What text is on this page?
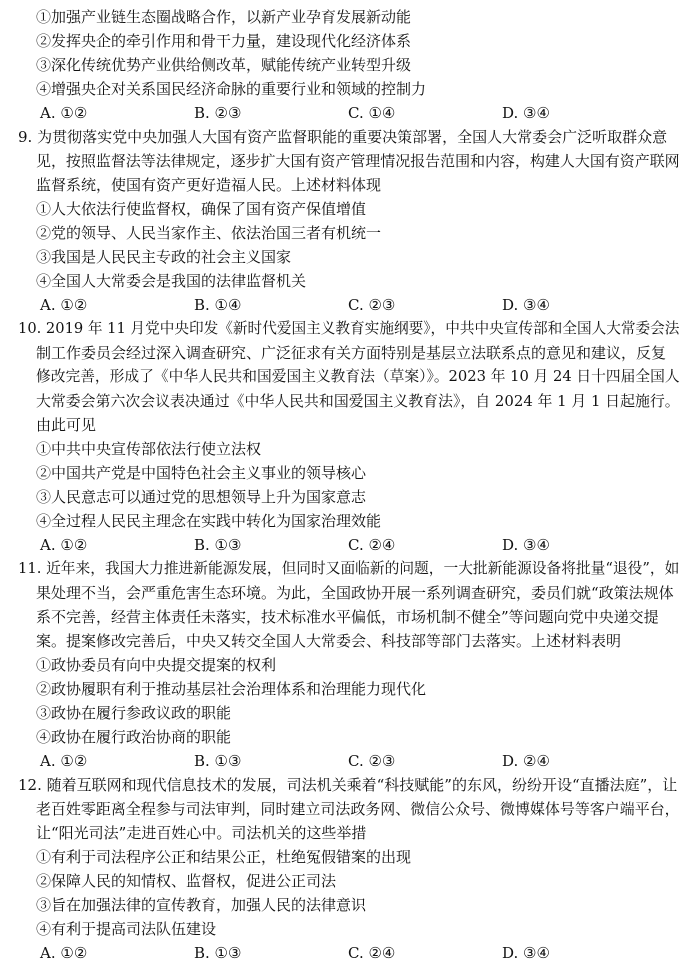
①加强产业链生态圈战略合作，以新产业孕育发展新动能
②发挥央企的牵引作用和骨干力量，建设现代化经济体系
③深化传统优势产业供给侧改革，赋能传统产业转型升级
④增强央企对关系国民经济命脉的重要行业和领域的控制力
A. ①②	B. ②③	C. ①④	D. ③④
9. 为贯彻落实党中央加强人大国有资产监督职能的重要决策部署，全国人大常委会广泛听取群众意
见，按照监督法等法律规定，逐步扩大国有资产管理情况报告范围和内容，构建人大国有资产联网
监督系统，使国有资产更好造福人民。上述材料体现
①人大依法行使监督权，确保了国有资产保值增值
②党的领导、人民当家作主、依法治国三者有机统一
③我国是人民民主专政的社会主义国家
④全国人大常委会是我国的法律监督机关
A. ①②	B. ①④	C. ②③	D. ③④
10. 2019 年 11 月党中央印发《新时代爱国主义教育实施纲要》，中共中央宣传部和全国人大常委会法
制工作委员会经过深入调查研究、广泛征求有关方面特别是基层立法联系点的意见和建议，反复
修改完善，形成了《中华人民共和国爱国主义教育法（草案）》。2023 年 10 月 24 日十四届全国人
大常委会第六次会议表决通过《中华人民共和国爱国主义教育法》，自 2024 年 1 月 1 日起施行。
由此可见
①中共中央宣传部依法行使立法权
②中国共产党是中国特色社会主义事业的领导核心
③人民意志可以通过党的思想领导上升为国家意志
④全过程人民民主理念在实践中转化为国家治理效能
A. ①②	B. ①③	C. ②④	D. ③④
11. 近年来，我国大力推进新能源发展，但同时又面临新的问题，一大批新能源设备将批量“退役”，如
果处理不当，会严重危害生态环境。为此，全国政协开展一系列调查研究，委员们就“政策法规体
系不完善，经营主体责任未落实，技术标准水平偏低，市场机制不健全”等问题向党中央递交提
案。提案修改完善后，中央又转交全国人大常委会、科技部等部门去落实。上述材料表明
①政协委员有向中央提交提案的权利
②政协履职有利于推动基层社会治理体系和治理能力现代化
③政协在履行参政议政的职能
④政协在履行政治协商的职能
A. ①②	B. ①③	C. ②③	D. ②④
12. 随着互联网和现代信息技术的发展，司法机关乘着“科技赋能”的东风，纷纷开设“直播法庭”，让
老百姓零距离全程参与司法审判，同时建立司法政务网、微信公众号、微博媒体号等客户端平台，
让“阳光司法”走进百姓心中。司法机关的这些举措
①有利于司法程序公正和结果公正，杜绝冤假错案的出现
②保障人民的知情权、监督权，促进公正司法
③旨在加强法律的宣传教育，加强人民的法律意识
④有利于提高司法队伍建设
A. ①②	B. ①③	C. ②④	D. ③④
